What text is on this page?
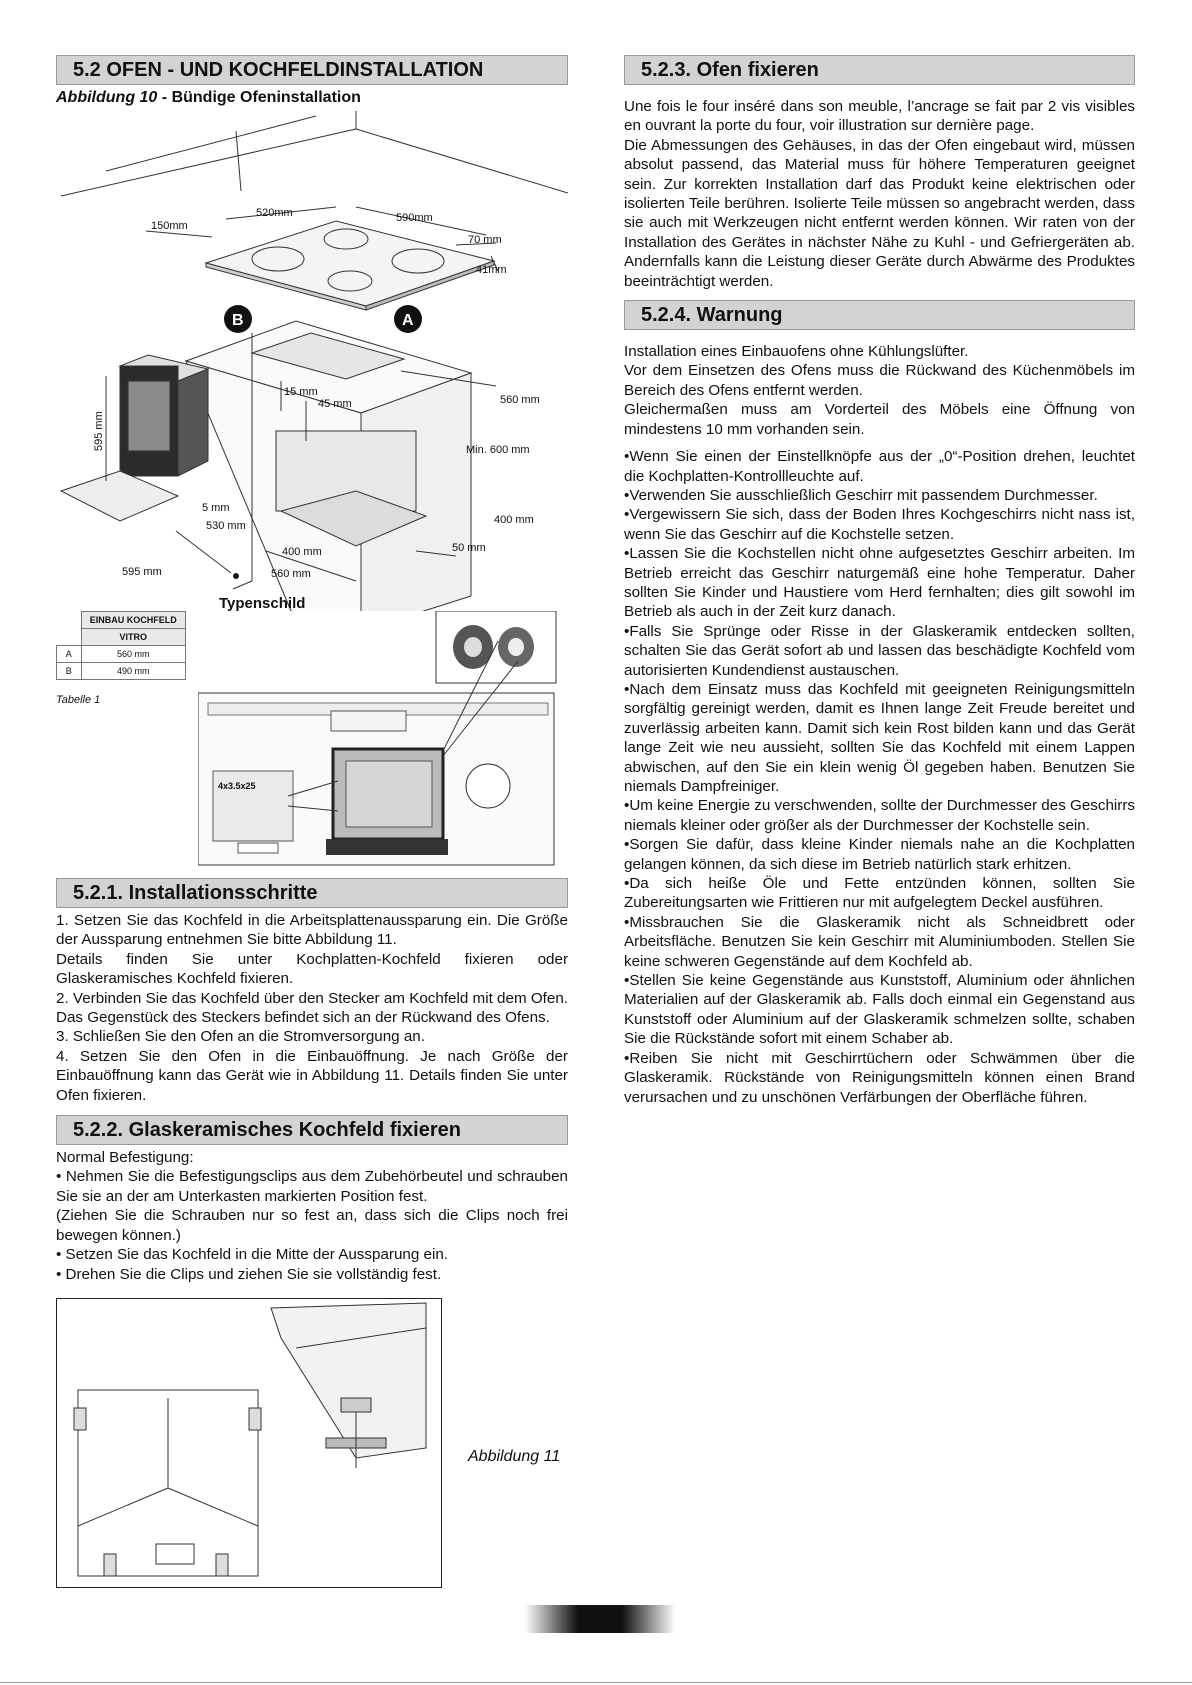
5.2 OFEN - UND KOCHFELDINSTALLATION
Abbildung 10 - Bündige Ofeninstallation
150mm
520mm	590mm
70 mm
41mm
B	A
15 mm
45 mm	560 mm
Min. 600 mm
595 mm
5 mm
530 mm	400 mm
400 mm	50 mm
595 mm	560 mm
Typenschild
	EINBAU KOCHFELD
	VITRO
A	560 mm
B	490 mm
Tabelle 1
4x3.5x25
5.2.1. Installationsschritte

1. Setzen Sie das Kochfeld in die Arbeitsplattenaussparung ein. Die Größe der Aussparung entnehmen Sie bitte Abbildung 11.

Details finden Sie unter Kochplatten-Kochfeld fixieren oder Glaskeramisches Kochfeld fixieren.

2. Verbinden Sie das Kochfeld über den Stecker am Kochfeld mit dem Ofen. Das Gegenstück des Steckers befindet sich an der Rückwand des Ofens.

3. Schließen Sie den Ofen an die Stromversorgung an.

4. Setzen Sie den Ofen in die Einbauöffnung. Je nach Größe der Einbauöffnung kann das Gerät wie in Abbildung 11. Details finden Sie unter Ofen fixieren.

5.2.2. Glaskeramisches Kochfeld fixieren

Normal Befestigung:

• Nehmen Sie die Befestigungsclips aus dem Zubehörbeutel und schrauben Sie sie an der am Unterkasten markierten Position fest.

(Ziehen Sie die Schrauben nur so fest an, dass sich die Clips noch frei bewegen können.)

• Setzen Sie das Kochfeld in die Mitte der Aussparung ein.

• Drehen Sie die Clips und ziehen Sie sie vollständig fest.

Abbildung 11
5.2.3. Ofen fixieren

Une fois le four inséré dans son meuble, l’ancrage se fait par 2 vis visibles en ouvrant la porte du four, voir illustration sur dernière page.

Die Abmessungen des Gehäuses, in das der Ofen eingebaut wird, müssen absolut passend, das Material muss für höhere Temperaturen geeignet sein. Zur korrekten Installation darf das Produkt keine elektrischen oder isolierten Teile berühren. Isolierte Teile müssen so angebracht werden, dass sie auch mit Werkzeugen nicht entfernt werden können. Wir raten von der Installation des Gerätes in nächster Nähe zu Kuhl - und Gefriergeräten ab. Andernfalls kann die Leistung dieser Geräte durch Abwärme des Produktes beeinträchtigt werden.

5.2.4. Warnung

Installation eines Einbauofens ohne Kühlungslüfter.

Vor dem Einsetzen des Ofens muss die Rückwand des Küchenmöbels im Bereich des Ofens entfernt werden.

Gleichermaßen muss am Vorderteil des Möbels eine Öffnung von mindestens 10 mm vorhanden sein.

•Wenn Sie einen der Einstellknöpfe aus der „0“-Position drehen, leuchtet die Kochplatten-Kontrollleuchte auf.

•Verwenden Sie ausschließlich Geschirr mit passendem Durchmesser.

•Vergewissern Sie sich, dass der Boden Ihres Kochgeschirrs nicht nass ist, wenn Sie das Geschirr auf die Kochstelle setzen.

•Lassen Sie die Kochstellen nicht ohne aufgesetztes Geschirr arbeiten. Im Betrieb erreicht das Geschirr naturgemäß eine hohe Temperatur. Daher sollten Sie Kinder und Haustiere vom Herd fernhalten; dies gilt sowohl im Betrieb als auch in der Zeit kurz danach.

•Falls Sie Sprünge oder Risse in der Glaskeramik entdecken sollten, schalten Sie das Gerät sofort ab und lassen das beschädigte Kochfeld vom autorisierten Kundendienst austauschen.

•Nach dem Einsatz muss das Kochfeld mit geeigneten Reinigungsmitteln sorgfältig gereinigt werden, damit es Ihnen lange Zeit Freude bereitet und zuverlässig arbeiten kann. Damit sich kein Rost bilden kann und das Gerät lange Zeit wie neu aussieht, sollten Sie das Kochfeld mit einem Lappen abwischen, auf den Sie ein klein wenig Öl gegeben haben. Benutzen Sie niemals Dampfreiniger.

•Um keine Energie zu verschwenden, sollte der Durchmesser des Geschirrs niemals kleiner oder größer als der Durchmesser der Kochstelle sein.

•Sorgen Sie dafür, dass kleine Kinder niemals nahe an die Kochplatten gelangen können, da sich diese im Betrieb natürlich stark erhitzen.

•Da sich heiße Öle und Fette entzünden können, sollten Sie Zubereitungsarten wie Frittieren nur mit aufgelegtem Deckel ausführen.

•Missbrauchen Sie die Glaskeramik nicht als Schneidbrett oder Arbeitsfläche. Benutzen Sie kein Geschirr mit Aluminiumboden. Stellen Sie keine schweren Gegenstände auf dem Kochfeld ab.

•Stellen Sie keine Gegenstände aus Kunststoff, Aluminium oder ähnlichen Materialien auf der Glaskeramik ab. Falls doch einmal ein Gegenstand aus Kunststoff oder Aluminium auf der Glaskeramik schmelzen sollte, schaben Sie die Rückstände sofort mit einem Schaber ab.

•Reiben Sie nicht mit Geschirrtüchern oder Schwämmen über die Glaskeramik. Rückstände von Reinigungsmitteln können einen Brand verursachen und zu unschönen Verfärbungen der Oberfläche führen.
